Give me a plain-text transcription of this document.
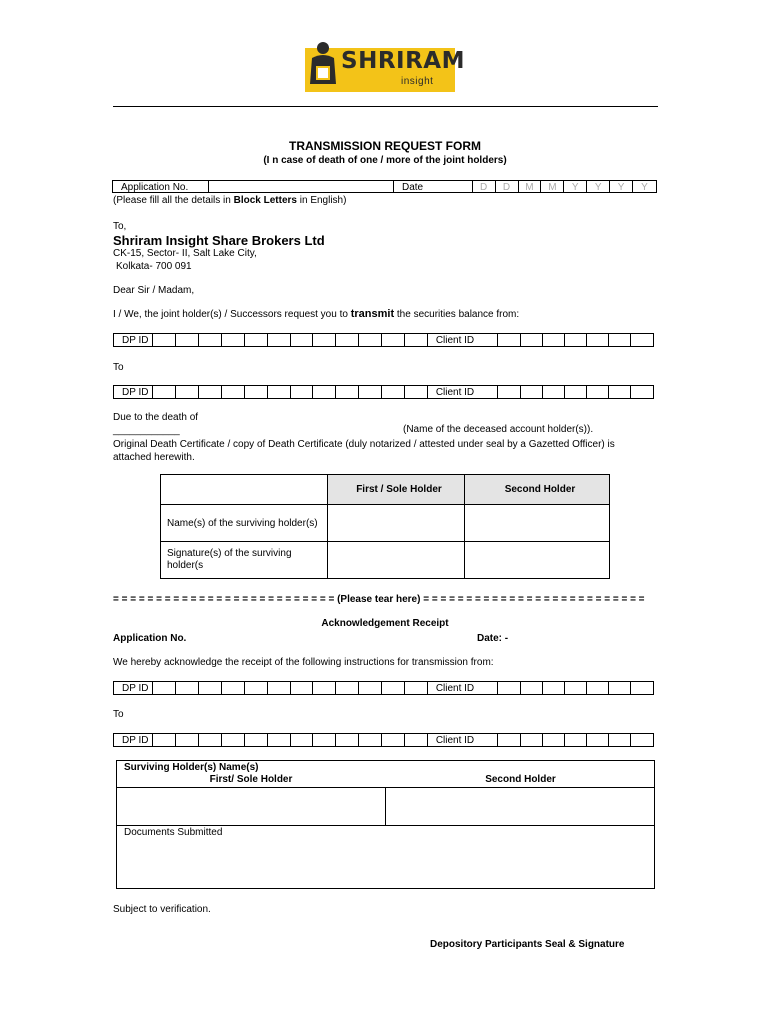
SHRIRAM
insight
TRANSMISSION REQUEST FORM
(I n case of death of one / more of the joint holders)
Application No.	Date	D	D	M	M	Y	Y	Y	Y
(Please fill all the details in Block Letters in English)
To,
Shriram Insight Share Brokers Ltd
CK-15, Sector- II, Salt Lake City,
Kolkata- 700 091
Dear Sir / Madam,
I / We, the joint holder(s) / Successors request you to transmit the securities balance from:
DP ID	Client ID
To
DP ID	Client ID
Due to the death of
____________	(Name of the deceased account holder(s)).
Original Death Certificate / copy of Death Certificate (duly notarized / attested under seal by a Gazetted Officer) is attached herewith.
	First / Sole Holder	Second Holder
Name(s) of the surviving holder(s)		
Signature(s) of the surviving holder(s		
= = = = = = = = = = = = = = = = = = = = = = = = = = (Please tear here) = = = = = = = = = = = = = = = = = = = = = = = = = =
Acknowledgement Receipt
Application No.	Date: -
We hereby acknowledge the receipt of the following instructions for transmission from:
DP ID	Client ID
To
DP ID	Client ID
Surviving Holder(s) Name(s)
First/ Sole Holder	Second Holder
Documents Submitted
Subject to verification.
Depository Participants Seal & Signature
